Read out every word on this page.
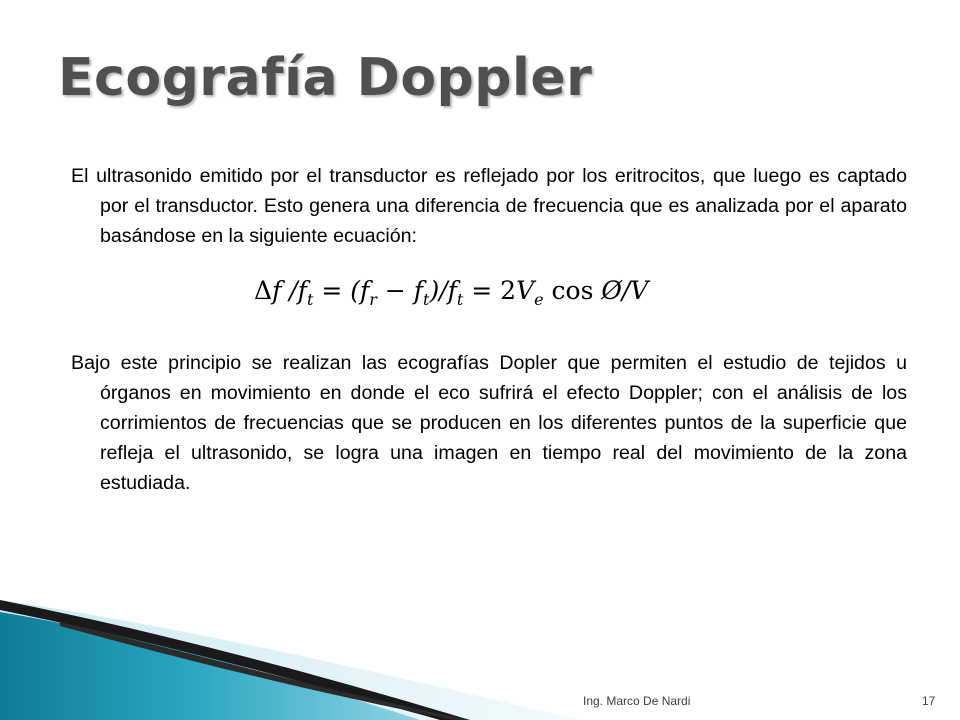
Ecografía Doppler
El ultrasonido emitido por el transductor es reflejado por los eritrocitos, que luego es captado por el transductor. Esto genera una diferencia de frecuencia que es analizada por el aparato basándose en la siguiente ecuación:
Δf $/f_t = (f_r - f_t)/f_t = 2V_e$ cos Ø/V
Bajo este principio se realizan las ecografías Dopler que permiten el estudio de tejidos u órganos en movimiento en donde el eco sufrirá el efecto Doppler; con el análisis de los corrimientos de frecuencias que se producen en los diferentes puntos de la superficie que refleja el ultrasonido, se logra una imagen en tiempo real del movimiento de la zona estudiada.
Ing. Marco De Nardi	17
